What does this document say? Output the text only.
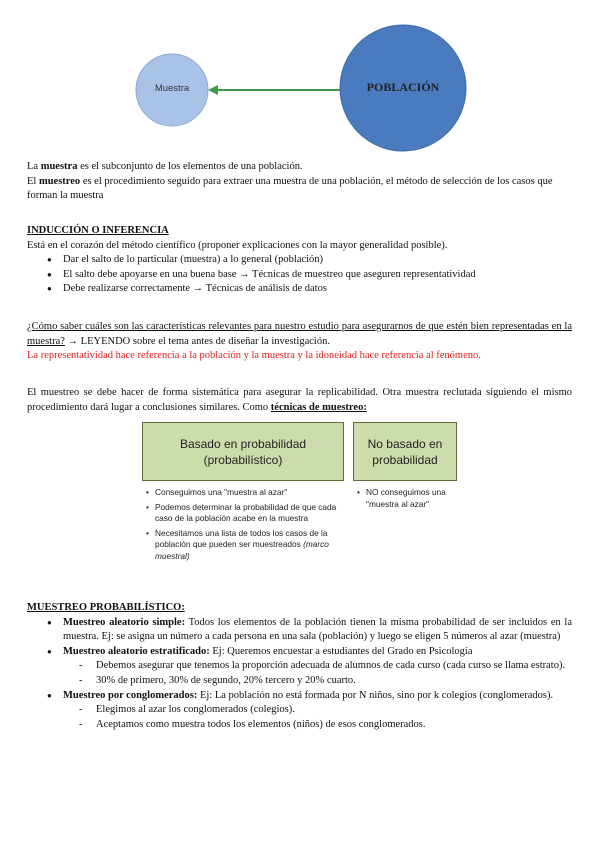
Muestra	POBLACIÓN

La muestra es el subconjunto de los elementos de una población.

El muestreo es el procedimiento seguido para extraer una muestra de una población, el método de selección de los casos que forman la muestra

INDUCCIÓN O INFERENCIA

Está en el corazón del método científico (proponer explicaciones con la mayor generalidad posible).

● Dar el salto de lo particular (muestra) a lo general (población)
● El salto debe apoyarse en una buena base → Técnicas de muestreo que aseguren representatividad
● Debe realizarse correctamente → Técnicas de análisis de datos

¿Cómo saber cuáles son las características relevantes para nuestro estudio para asegurarnos de que estén bien representadas en la muestra? → LEYENDO sobre el tema antes de diseñar la investigación.

La representatividad hace referencia a la población y la muestra y la idoneidad hace referencia al fenómeno.

El muestreo se debe hacer de forma sistemática para asegurar la replicabilidad. Otra muestra reclutada siguiendo el mismo procedimiento dará lugar a conclusiones similares. Como técnicas de muestreo:

Basado en probabilidad (probabilístico)
No basado en probabilidad
• Conseguimos una "muestra al azar"
• Podemos determinar la probabilidad de que cada caso de la población acabe en la muestra
• Necesitamos una lista de todos los casos de la población que pueden ser muestreados (marco muestral)
• NO conseguimos una "muestra al azar"

MUESTREO PROBABILÍSTICO:

● Muestreo aleatorio simple: Todos los elementos de la población tienen la misma probabilidad de ser incluidos en la muestra. Ej: se asigna un número a cada persona en una sala (población) y luego se eligen 5 números al azar (muestra)
● Muestreo aleatorio estratificado: Ej: Queremos encuestar a estudiantes del Grado en Psicología
- Debemos asegurar que tenemos la proporción adecuada de alumnos de cada curso (cada curso se llama estrato).
- 30% de primero, 30% de segundo, 20% tercero y 20% cuarto.
● Muestreo por conglomerados: Ej: La población no está formada por N niños, sino por k colegios (conglomerados).
- Elegimos al azar los conglomerados (colegios).
- Aceptamos como muestra todos los elementos (niños) de esos conglomerados.
